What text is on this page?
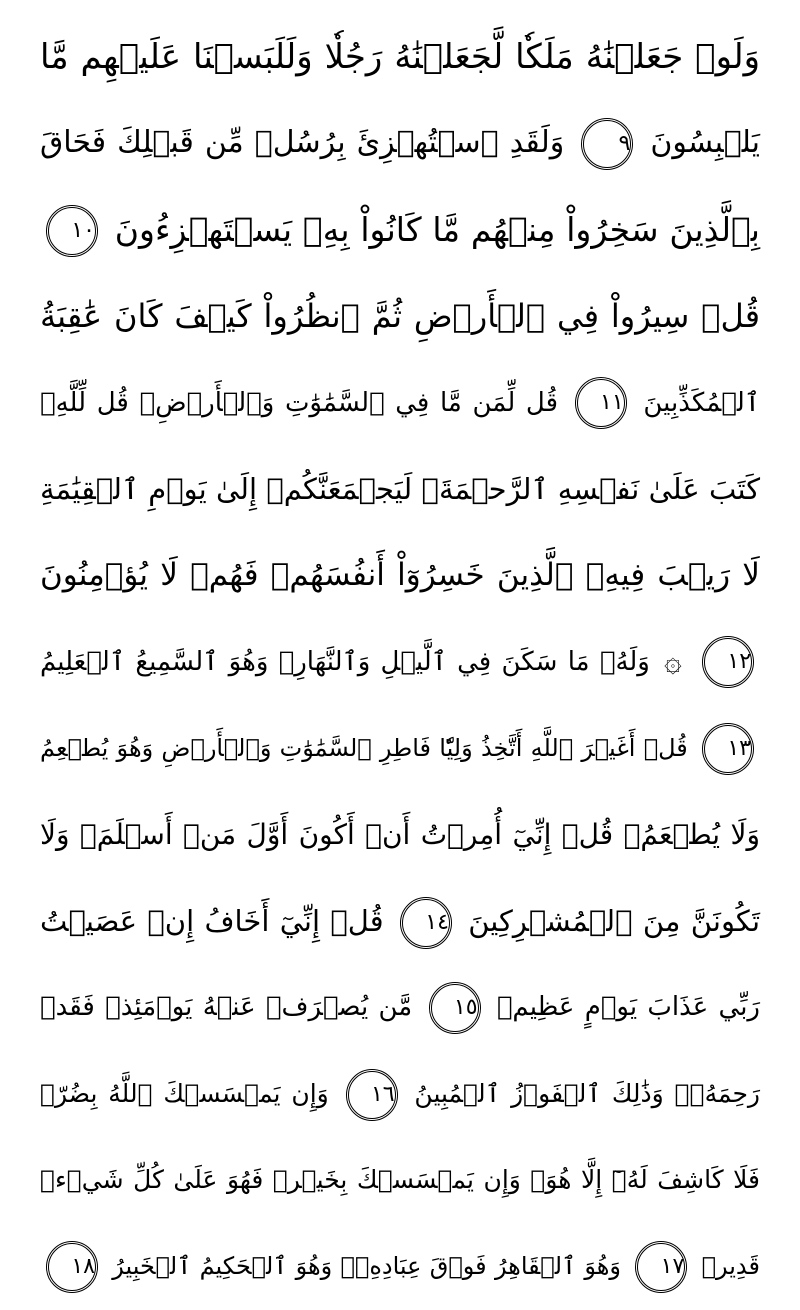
وَلَوۡ جَعَلۡنَٰهُ مَلَكٗا لَّجَعَلۡنَٰهُ رَجُلٗا وَلَلَبَسۡنَا عَلَيۡهِم مَّا
يَلۡبِسُونَ ٩ وَلَقَدِ ٱسۡتُهۡزِئَ بِرُسُلٖ مِّن قَبۡلِكَ فَحَاقَ
بِٱلَّذِينَ سَخِرُواْ مِنۡهُم مَّا كَانُواْ بِهِۦ يَسۡتَهۡزِءُونَ ١٠
قُلۡ سِيرُواْ فِي ٱلۡأَرۡضِ ثُمَّ ٱنظُرُواْ كَيۡفَ كَانَ عَٰقِبَةُ
ٱلۡمُكَذِّبِينَ ١١ قُل لِّمَن مَّا فِي ٱلسَّمَٰوَٰتِ وَٱلۡأَرۡضِۖ قُل لِّلَّهِۚ
كَتَبَ عَلَىٰ نَفۡسِهِ ٱلرَّحۡمَةَۚ لَيَجۡمَعَنَّكُمۡ إِلَىٰ يَوۡمِ ٱلۡقِيَٰمَةِ
لَا رَيۡبَ فِيهِۚ ٱلَّذِينَ خَسِرُوٓاْ أَنفُسَهُمۡ فَهُمۡ لَا يُؤۡمِنُونَ
١٢ ۞ وَلَهُۥ مَا سَكَنَ فِي ٱلَّيۡلِ وَٱلنَّهَارِۚ وَهُوَ ٱلسَّمِيعُ ٱلۡعَلِيمُ
١٣ قُلۡ أَغَيۡرَ ٱللَّهِ أَتَّخِذُ وَلِيّٗا فَاطِرِ ٱلسَّمَٰوَٰتِ وَٱلۡأَرۡضِ وَهُوَ يُطۡعِمُ
وَلَا يُطۡعَمُۗ قُلۡ إِنِّيٓ أُمِرۡتُ أَنۡ أَكُونَ أَوَّلَ مَنۡ أَسۡلَمَۖ وَلَا
تَكُونَنَّ مِنَ ٱلۡمُشۡرِكِينَ ١٤ قُلۡ إِنِّيٓ أَخَافُ إِنۡ عَصَيۡتُ
رَبِّي عَذَابَ يَوۡمٍ عَظِيمٖ ١٥ مَّن يُصۡرَفۡ عَنۡهُ يَوۡمَئِذٖ فَقَدۡ
رَحِمَهُۥۚ وَذَٰلِكَ ٱلۡفَوۡزُ ٱلۡمُبِينُ ١٦ وَإِن يَمۡسَسۡكَ ٱللَّهُ بِضُرّٖ
فَلَا كَاشِفَ لَهُۥٓ إِلَّا هُوَۖ وَإِن يَمۡسَسۡكَ بِخَيۡرٖ فَهُوَ عَلَىٰ كُلِّ شَيۡءٖ
قَدِيرٞ ١٧ وَهُوَ ٱلۡقَاهِرُ فَوۡقَ عِبَادِهِۦۚ وَهُوَ ٱلۡحَكِيمُ ٱلۡخَبِيرُ ١٨
